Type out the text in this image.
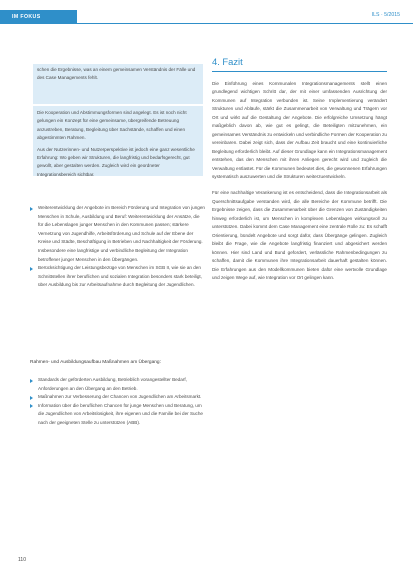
IM FOKUS	ILS · 5/2015

schen die Ergebnisse, was an einem gemeinsamen Verständnis der Fälle und des Case Managements fehlt.

Die Kooperation und Abstimmungsformen sind angelegt. Es ist noch nicht gelungen ein Konzept für eine gemeinsame, übergreifende Betreuung anzustreben, Beratung, Begleitung über Sachstände, schaffen und einen abgestimmten Rahmen.

Aus der Nutzerinnen- und Nutzerperspektive ist jedoch eine ganz wesentliche Erfahrung: Wo geben wir Strukturen, die langfristig und bedarfsgerecht, gut gewollt, aber gestalten werden. Zugleich wird ein geordneter Integrationsbereich sichtbar.

Weiterentwicklung der Angebote im Bereich Förderung und Integration von jungen Menschen in Schule, Ausbildung und Beruf: Weiterentwicklung der Ansätze, die für die Lebenslagen junger Menschen in den Kommunen passen; stärkere Vernetzung von Jugendhilfe, Arbeitsförderung und Schule auf der Ebene der Kreise und Städte, Beschäftigung in Betrieben und Nachhaltigkeit der Förderung. Insbesondere eine langfristige und verbindliche Begleitung der Integration betroffener junger Menschen in den Übergängen.
Berücksichtigung der Leistungsbezüge von Menschen im SGB II, wie sie an den Schnittstellen ihrer beruflichen und sozialen Integration besonders stark beteiligt, über Ausbildung bis zur Arbeitsaufnahme durch Begleitung der Jugendlichen.
Rahmen- und Ausbildungsaufbau Maßnahmen am Übergang:
Standards der geförderten Ausbildung, Betrieblich vorangestellter Bedarf, Anforderungen an den Übergang an den Betrieb.
Maßnahmen zur Verbesserung der Chancen von Jugendlichen am Arbeitsmarkt.
Information über die beruflichen Chancen für junge Menschen und Beratung, um die Jugendlichen von Arbeitslosigkeit, ihre eigenen und die Familie bei der Suche nach der geeigneten Stelle zu unterstützen (ABB).
4. Fazit

Die Einführung eines Kommunalen Integrationsmanagements stellt einen grundlegend wichtigen Schritt dar, der mit einer umfassenden Ausrichtung der Kommunen auf Integration verbunden ist. Seine Implementierung verändert Strukturen und Abläufe, stärkt die Zusammenarbeit von Verwaltung und Trägern vor Ort und wirkt auf die Gestaltung der Angebote. Die erfolgreiche Umsetzung hängt maßgeblich davon ab, wie gut es gelingt, die Beteiligten mitzunehmen, ein gemeinsames Verständnis zu entwickeln und verbindliche Formen der Kooperation zu vereinbaren. Dabei zeigt sich, dass der Aufbau Zeit braucht und eine kontinuierliche Begleitung erforderlich bleibt. Auf dieser Grundlage kann ein Integrationsmanagement entstehen, das den Menschen mit ihren Anliegen gerecht wird und zugleich die Verwaltung entlastet. Für die Kommunen bedeutet dies, die gewonnenen Erfahrungen systematisch auszuwerten und die Strukturen weiterzuentwickeln.

Für eine nachhaltige Verankerung ist es entscheidend, dass die Integrationsarbeit als Querschnittsaufgabe verstanden wird, die alle Bereiche der Kommune betrifft. Die Ergebnisse zeigen, dass die Zusammenarbeit über die Grenzen von Zuständigkeiten hinweg erforderlich ist, um Menschen in komplexen Lebenslagen wirkungsvoll zu unterstützen. Dabei kommt dem Case Management eine zentrale Rolle zu: Es schafft Orientierung, bündelt Angebote und sorgt dafür, dass Übergänge gelingen. Zugleich bleibt die Frage, wie die Angebote langfristig finanziert und abgesichert werden können. Hier sind Land und Bund gefordert, verlässliche Rahmenbedingungen zu schaffen, damit die Kommunen ihre Integrationsarbeit dauerhaft gestalten können. Die Erfahrungen aus den Modellkommunen bieten dafür eine wertvolle Grundlage und zeigen Wege auf, wie Integration vor Ort gelingen kann.

110
